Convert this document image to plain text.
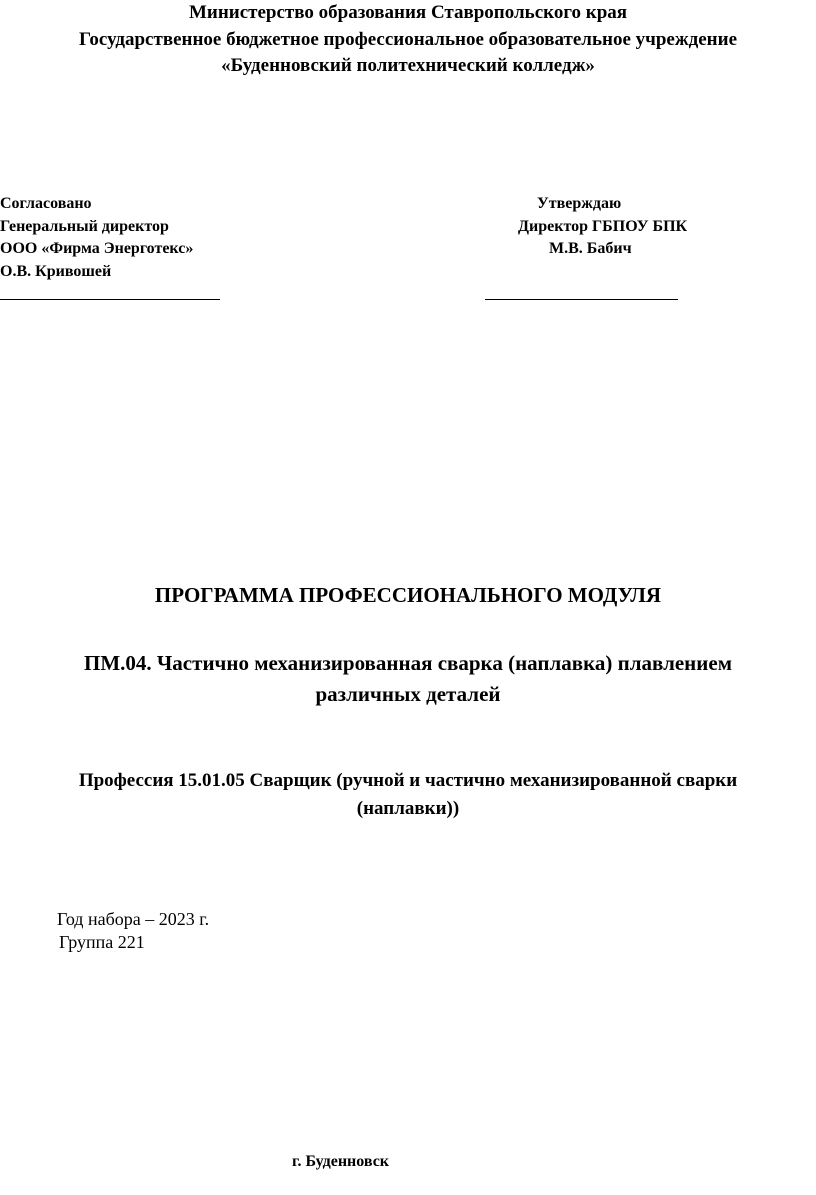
Министерство образования Ставропольского края
Государственное бюджетное профессиональное образовательное учреждение
«Буденновский политехнический колледж»
Согласовано
Генеральный директор
ООО «Фирма Энерготекс»
О.В. Кривошей
Утверждаю
Директор ГБПОУ БПК
М.В. Бабич
ПРОГРАММА ПРОФЕССИОНАЛЬНОГО МОДУЛЯ
ПМ.04. Частично механизированная сварка (наплавка) плавлением
различных деталей
Профессия 15.01.05 Сварщик (ручной и частично механизированной сварки
(наплавки))
Год набора – 2023 г.
Группа 221
г. Буденновск
